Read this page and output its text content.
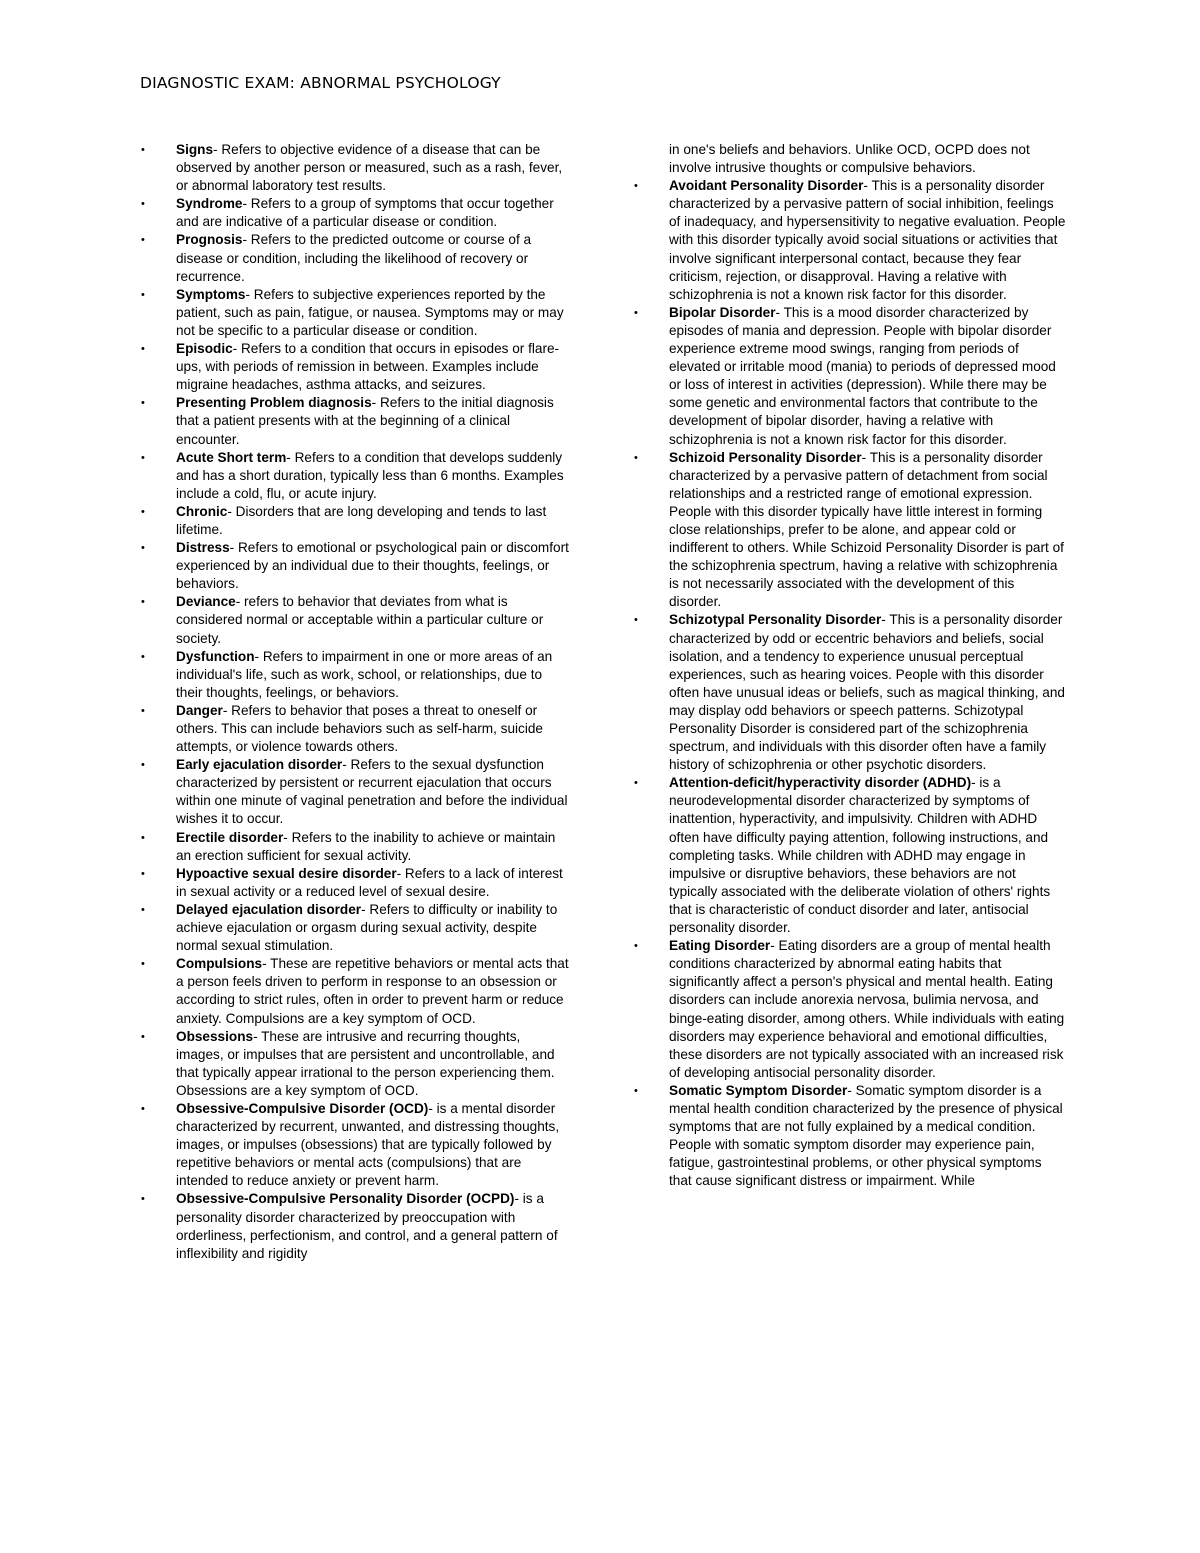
DIAGNOSTIC EXAM: ABNORMAL PSYCHOLOGY
• Signs- Refers to objective evidence of a disease that can be observed by another person or measured, such as a rash, fever, or abnormal laboratory test results.
• Syndrome- Refers to a group of symptoms that occur together and are indicative of a particular disease or condition.
• Prognosis- Refers to the predicted outcome or course of a disease or condition, including the likelihood of recovery or recurrence.
• Symptoms- Refers to subjective experiences reported by the patient, such as pain, fatigue, or nausea. Symptoms may or may not be specific to a particular disease or condition.
• Episodic- Refers to a condition that occurs in episodes or flare-ups, with periods of remission in between. Examples include migraine headaches, asthma attacks, and seizures.
• Presenting Problem diagnosis- Refers to the initial diagnosis that a patient presents with at the beginning of a clinical encounter.
• Acute Short term- Refers to a condition that develops suddenly and has a short duration, typically less than 6 months. Examples include a cold, flu, or acute injury.
• Chronic- Disorders that are long developing and tends to last lifetime.
• Distress- Refers to emotional or psychological pain or discomfort experienced by an individual due to their thoughts, feelings, or behaviors.
• Deviance- refers to behavior that deviates from what is considered normal or acceptable within a particular culture or society.
• Dysfunction- Refers to impairment in one or more areas of an individual's life, such as work, school, or relationships, due to their thoughts, feelings, or behaviors.
• Danger- Refers to behavior that poses a threat to oneself or others. This can include behaviors such as self-harm, suicide attempts, or violence towards others.
• Early ejaculation disorder- Refers to the sexual dysfunction characterized by persistent or recurrent ejaculation that occurs within one minute of vaginal penetration and before the individual wishes it to occur.
• Erectile disorder- Refers to the inability to achieve or maintain an erection sufficient for sexual activity.
• Hypoactive sexual desire disorder- Refers to a lack of interest in sexual activity or a reduced level of sexual desire.
• Delayed ejaculation disorder- Refers to difficulty or inability to achieve ejaculation or orgasm during sexual activity, despite normal sexual stimulation.
• Compulsions- These are repetitive behaviors or mental acts that a person feels driven to perform in response to an obsession or according to strict rules, often in order to prevent harm or reduce anxiety. Compulsions are a key symptom of OCD.
• Obsessions- These are intrusive and recurring thoughts, images, or impulses that are persistent and uncontrollable, and that typically appear irrational to the person experiencing them. Obsessions are a key symptom of OCD.
• Obsessive-Compulsive Disorder (OCD)- is a mental disorder characterized by recurrent, unwanted, and distressing thoughts, images, or impulses (obsessions) that are typically followed by repetitive behaviors or mental acts (compulsions) that are intended to reduce anxiety or prevent harm.
• Obsessive-Compulsive Personality Disorder (OCPD)- is a personality disorder characterized by preoccupation with orderliness, perfectionism, and control, and a general pattern of inflexibility and rigidity
in one's beliefs and behaviors. Unlike OCD, OCPD does not involve intrusive thoughts or compulsive behaviors.
• Avoidant Personality Disorder- This is a personality disorder characterized by a pervasive pattern of social inhibition, feelings of inadequacy, and hypersensitivity to negative evaluation. People with this disorder typically avoid social situations or activities that involve significant interpersonal contact, because they fear criticism, rejection, or disapproval. Having a relative with schizophrenia is not a known risk factor for this disorder.
• Bipolar Disorder- This is a mood disorder characterized by episodes of mania and depression. People with bipolar disorder experience extreme mood swings, ranging from periods of elevated or irritable mood (mania) to periods of depressed mood or loss of interest in activities (depression). While there may be some genetic and environmental factors that contribute to the development of bipolar disorder, having a relative with schizophrenia is not a known risk factor for this disorder.
• Schizoid Personality Disorder- This is a personality disorder characterized by a pervasive pattern of detachment from social relationships and a restricted range of emotional expression. People with this disorder typically have little interest in forming close relationships, prefer to be alone, and appear cold or indifferent to others. While Schizoid Personality Disorder is part of the schizophrenia spectrum, having a relative with schizophrenia is not necessarily associated with the development of this disorder.
• Schizotypal Personality Disorder- This is a personality disorder characterized by odd or eccentric behaviors and beliefs, social isolation, and a tendency to experience unusual perceptual experiences, such as hearing voices. People with this disorder often have unusual ideas or beliefs, such as magical thinking, and may display odd behaviors or speech patterns. Schizotypal Personality Disorder is considered part of the schizophrenia spectrum, and individuals with this disorder often have a family history of schizophrenia or other psychotic disorders.
• Attention-deficit/hyperactivity disorder (ADHD)- is a neurodevelopmental disorder characterized by symptoms of inattention, hyperactivity, and impulsivity. Children with ADHD often have difficulty paying attention, following instructions, and completing tasks. While children with ADHD may engage in impulsive or disruptive behaviors, these behaviors are not typically associated with the deliberate violation of others' rights that is characteristic of conduct disorder and later, antisocial personality disorder.
• Eating Disorder- Eating disorders are a group of mental health conditions characterized by abnormal eating habits that significantly affect a person's physical and mental health. Eating disorders can include anorexia nervosa, bulimia nervosa, and binge-eating disorder, among others. While individuals with eating disorders may experience behavioral and emotional difficulties, these disorders are not typically associated with an increased risk of developing antisocial personality disorder.
• Somatic Symptom Disorder- Somatic symptom disorder is a mental health condition characterized by the presence of physical symptoms that are not fully explained by a medical condition. People with somatic symptom disorder may experience pain, fatigue, gastrointestinal problems, or other physical symptoms that cause significant distress or impairment. While
